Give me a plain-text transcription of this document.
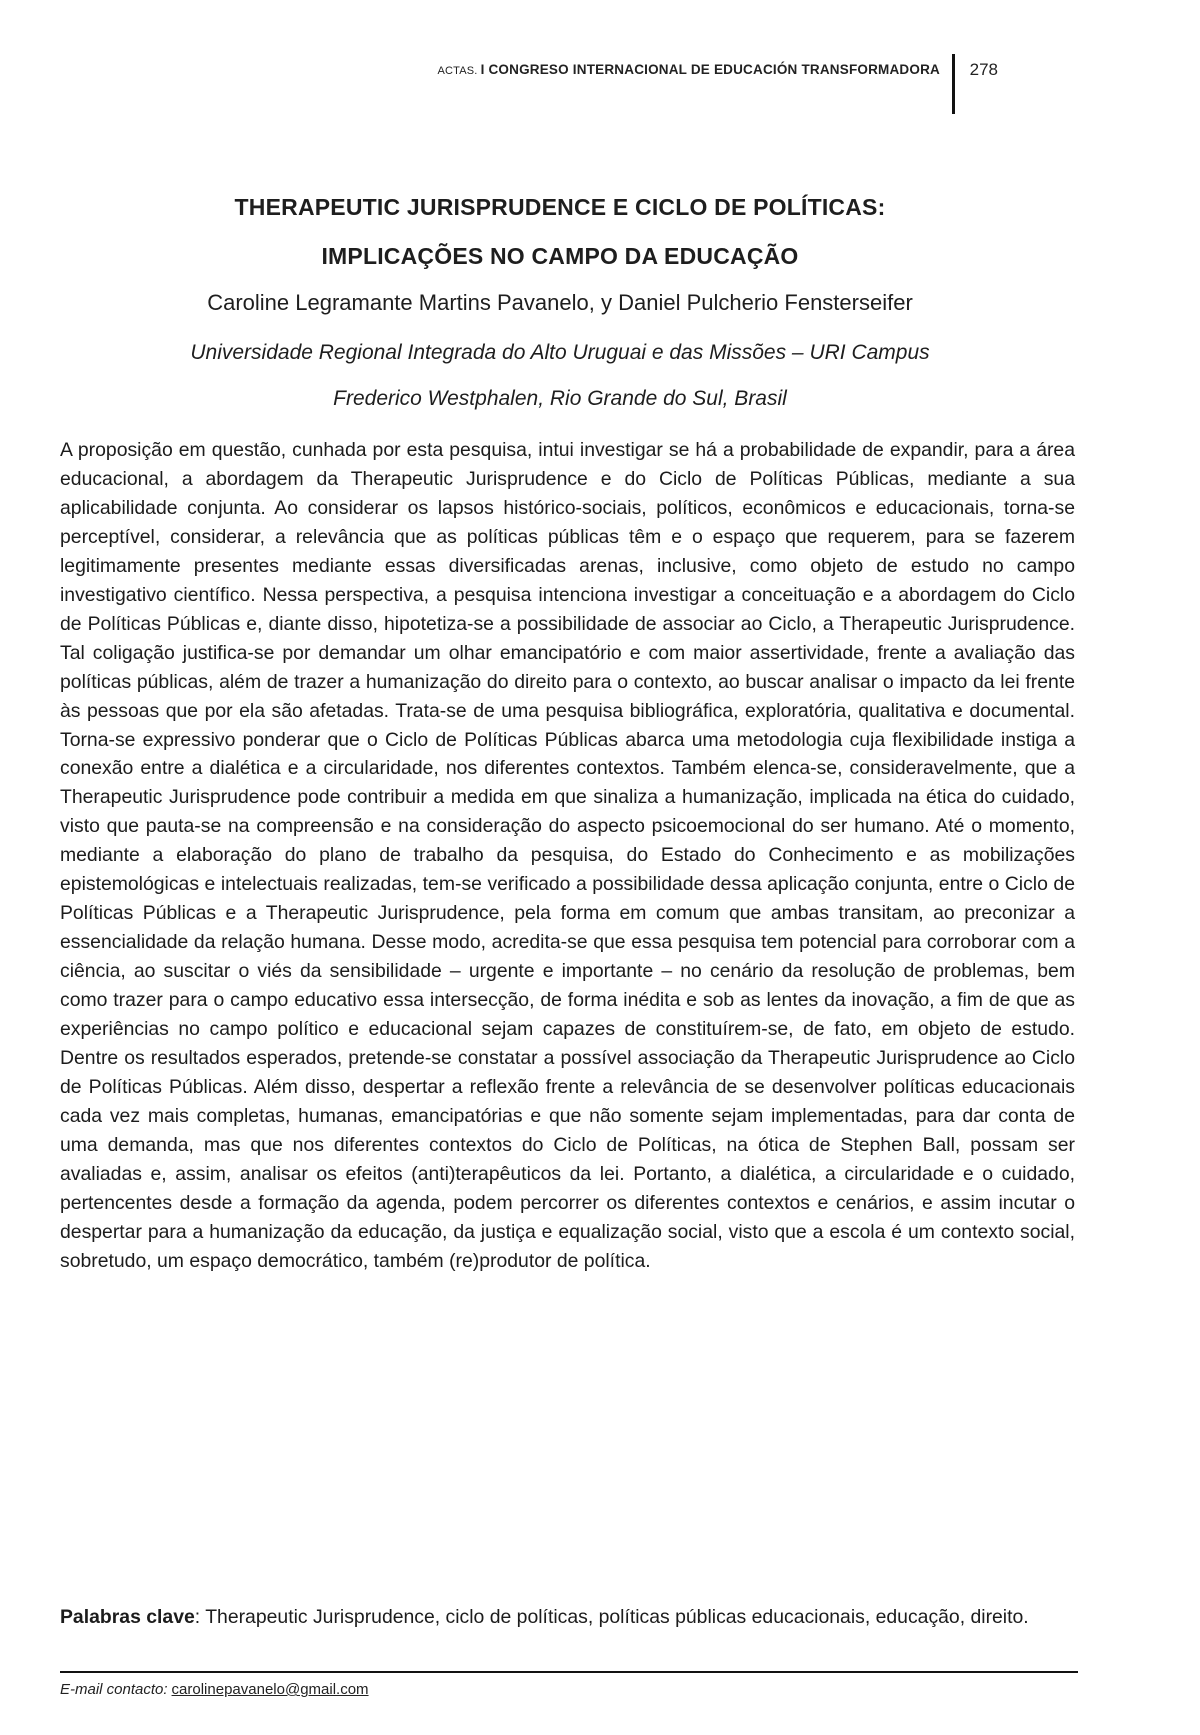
ACTAS. I CONGRESO INTERNACIONAL DE EDUCACIÓN TRANSFORMADORA 278
THERAPEUTIC JURISPRUDENCE E CICLO DE POLÍTICAS:
IMPLICAÇÕES NO CAMPO DA EDUCAÇÃO
Caroline Legramante Martins Pavanelo, y Daniel Pulcherio Fensterseifer
Universidade Regional Integrada do Alto Uruguai e das Missões – URI Campus
Frederico Westphalen, Rio Grande do Sul, Brasil

A proposição em questão, cunhada por esta pesquisa, intui investigar se há a probabilidade de expandir, para a área educacional, a abordagem da Therapeutic Jurisprudence e do Ciclo de Políticas Públicas, mediante a sua aplicabilidade conjunta. Ao considerar os lapsos histórico-sociais, políticos, econômicos e educacionais, torna-se perceptível, considerar, a relevância que as políticas públicas têm e o espaço que requerem, para se fazerem legitimamente presentes mediante essas diversificadas arenas, inclusive, como objeto de estudo no campo investigativo científico. Nessa perspectiva, a pesquisa intenciona investigar a conceituação e a abordagem do Ciclo de Políticas Públicas e, diante disso, hipotetiza-se a possibilidade de associar ao Ciclo, a Therapeutic Jurisprudence. Tal coligação justifica-se por demandar um olhar emancipatório e com maior assertividade, frente a avaliação das políticas públicas, além de trazer a humanização do direito para o contexto, ao buscar analisar o impacto da lei frente às pessoas que por ela são afetadas. Trata-se de uma pesquisa bibliográfica, exploratória, qualitativa e documental. Torna-se expressivo ponderar que o Ciclo de Políticas Públicas abarca uma metodologia cuja flexibilidade instiga a conexão entre a dialética e a circularidade, nos diferentes contextos. Também elenca-se, consideravelmente, que a Therapeutic Jurisprudence pode contribuir a medida em que sinaliza a humanização, implicada na ética do cuidado, visto que pauta-se na compreensão e na consideração do aspecto psicoemocional do ser humano. Até o momento, mediante a elaboração do plano de trabalho da pesquisa, do Estado do Conhecimento e as mobilizações epistemológicas e intelectuais realizadas, tem-se verificado a possibilidade dessa aplicação conjunta, entre o Ciclo de Políticas Públicas e a Therapeutic Jurisprudence, pela forma em comum que ambas transitam, ao preconizar a essencialidade da relação humana. Desse modo, acredita-se que essa pesquisa tem potencial para corroborar com a ciência, ao suscitar o viés da sensibilidade – urgente e importante – no cenário da resolução de problemas, bem como trazer para o campo educativo essa intersecção, de forma inédita e sob as lentes da inovação, a fim de que as experiências no campo político e educacional sejam capazes de constituírem-se, de fato, em objeto de estudo. Dentre os resultados esperados, pretende-se constatar a possível associação da Therapeutic Jurisprudence ao Ciclo de Políticas Públicas. Além disso, despertar a reflexão frente a relevância de se desenvolver políticas educacionais cada vez mais completas, humanas, emancipatórias e que não somente sejam implementadas, para dar conta de uma demanda, mas que nos diferentes contextos do Ciclo de Políticas, na ótica de Stephen Ball, possam ser avaliadas e, assim, analisar os efeitos (anti)terapêuticos da lei. Portanto, a dialética, a circularidade e o cuidado, pertencentes desde a formação da agenda, podem percorrer os diferentes contextos e cenários, e assim incutar o despertar para a humanização da educação, da justiça e equalização social, visto que a escola é um contexto social, sobretudo, um espaço democrático, também (re)produtor de política.

Palabras clave: Therapeutic Jurisprudence, ciclo de políticas, políticas públicas educacionais, educação, direito.

E-mail contacto: carolinepavanelo@gmail.com
